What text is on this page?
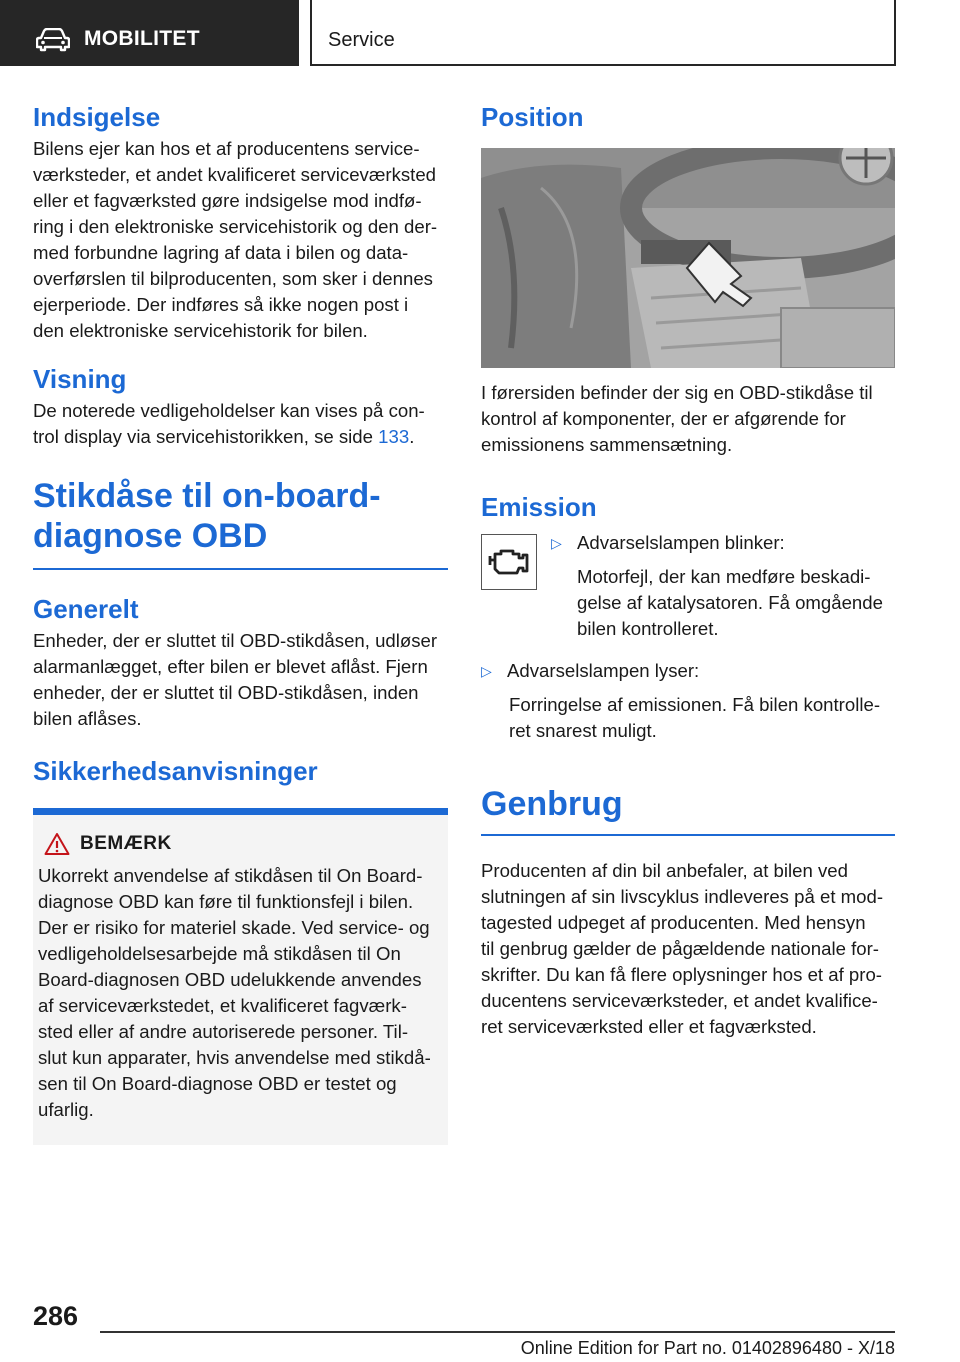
MOBILITET	Service
Indsigelse

Bilens ejer kan hos et af producentens service‐
værksteder, et andet kvalificeret serviceværksted
eller et fagværksted gøre indsigelse mod indfø‐
ring i den elektroniske servicehistorik og den der‐
med forbundne lagring af data i bilen og data‐
overførslen til bilproducenten, som sker i dennes
ejerperiode. Der indføres så ikke nogen post i
den elektroniske servicehistorik for bilen.

Visning

De noterede vedligeholdelser kan vises på con‐
trol display via servicehistorikken, se side 133.

Stikdåse til on-board-
diagnose OBD
Generelt

Enheder, der er sluttet til OBD-stikdåsen, udløser
alarmanlægget, efter bilen er blevet aflåst. Fjern
enheder, der er sluttet til OBD-stikdåsen, inden
bilen aflåses.

Sikkerhedsanvisninger
BEMÆRK

Ukorrekt anvendelse af stikdåsen til On Board-
diagnose OBD kan føre til funktionsfejl i bilen.
Der er risiko for materiel skade. Ved service- og
vedligeholdelsesarbejde må stikdåsen til On
Board-diagnosen OBD udelukkende anvendes
af serviceværkstedet, et kvalificeret fagværk‐
sted eller af andre autoriserede personer. Til‐
slut kun apparater, hvis anvendelse med stikdå‐
sen til On Board-diagnose OBD er testet og
ufarlig.

Position

I førersiden befinder der sig en OBD-stikdåse til
kontrol af komponenter, der er afgørende for
emissionens sammensætning.

Emission
▷ Advarselslampen blinker:
Motorfejl, der kan medføre beskadi‐
gelse af katalysatoren. Få omgående
bilen kontrolleret.
▷ Advarselslampen lyser:
Forringelse af emissionen. Få bilen kontrolle‐
ret snarest muligt.
Genbrug

Producenten af din bil anbefaler, at bilen ved
slutningen af sin livscyklus indleveres på et mod‐
tagested udpeget af producenten. Med hensyn
til genbrug gælder de pågældende nationale for‐
skrifter. Du kan få flere oplysninger hos et af pro‐
ducentens serviceværksteder, et andet kvalifice‐
ret serviceværksted eller et fagværksted.

286
Online Edition for Part no. 01402896480 - X/18
